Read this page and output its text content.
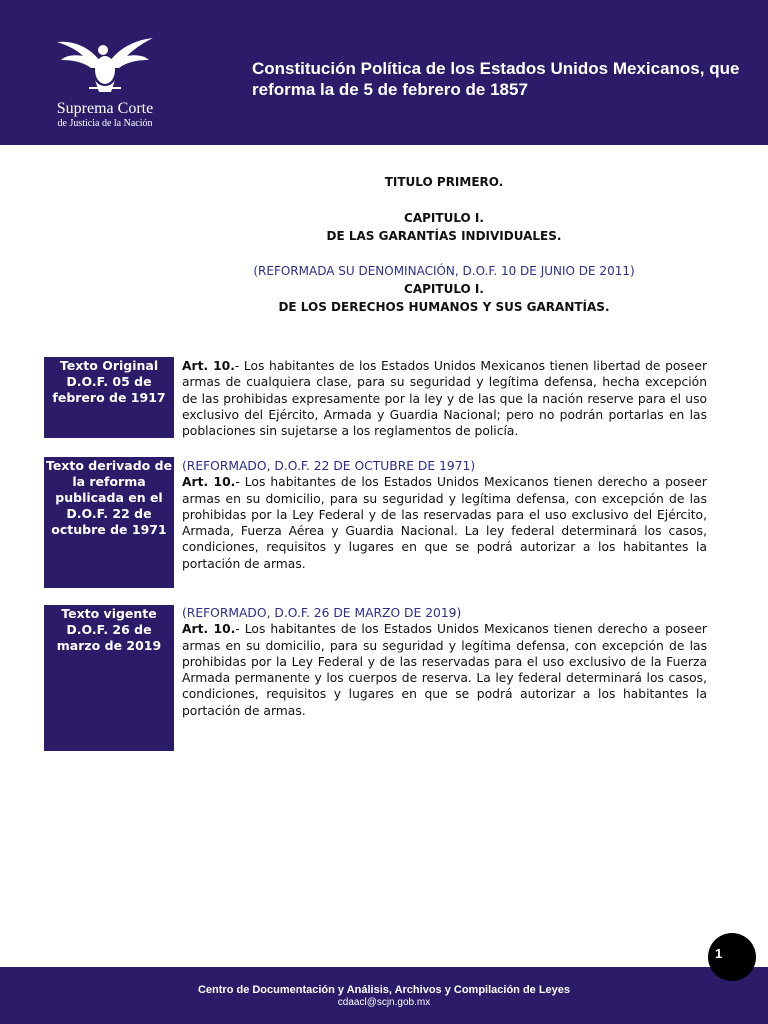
Suprema Corte
de Justicia de la Nación
Constitución Política de los Estados Unidos Mexicanos, que reforma la de 5 de febrero de 1857
TITULO PRIMERO.
CAPITULO I.
DE LAS GARANTÍAS INDIVIDUALES.
(REFORMADA SU DENOMINACIÓN, D.O.F. 10 DE JUNIO DE 2011)
CAPITULO I.
DE LOS DERECHOS HUMANOS Y SUS GARANTÍAS.
Texto Original D.O.F. 05 de febrero de 1917
Art. 10.- Los habitantes de los Estados Unidos Mexicanos tienen libertad de poseer armas de cualquiera clase, para su seguridad y legítima defensa, hecha excepción de las prohibidas expresamente por la ley y de las que la nación reserve para el uso exclusivo del Ejército, Armada y Guardia Nacional; pero no podrán portarlas en las poblaciones sin sujetarse a los reglamentos de policía.
Texto derivado de la reforma publicada en el D.O.F. 22 de octubre de 1971
(REFORMADO, D.O.F. 22 DE OCTUBRE DE 1971)
Art. 10.- Los habitantes de los Estados Unidos Mexicanos tienen derecho a poseer armas en su domicilio, para su seguridad y legítima defensa, con excepción de las prohibidas por la Ley Federal y de las reservadas para el uso exclusivo del Ejército, Armada, Fuerza Aérea y Guardia Nacional. La ley federal determinará los casos, condiciones, requisitos y lugares en que se podrá autorizar a los habitantes la portación de armas.
Texto vigente D.O.F. 26 de marzo de 2019
(REFORMADO, D.O.F. 26 DE MARZO DE 2019)
Art. 10.- Los habitantes de los Estados Unidos Mexicanos tienen derecho a poseer armas en su domicilio, para su seguridad y legítima defensa, con excepción de las prohibidas por la Ley Federal y de las reservadas para el uso exclusivo de la Fuerza Armada permanente y los cuerpos de reserva. La ley federal determinará los casos, condiciones, requisitos y lugares en que se podrá autorizar a los habitantes la portación de armas.
Centro de Documentación y Análisis, Archivos y Compilación de Leyes
cdaacl@scjn.gob.mx
1
